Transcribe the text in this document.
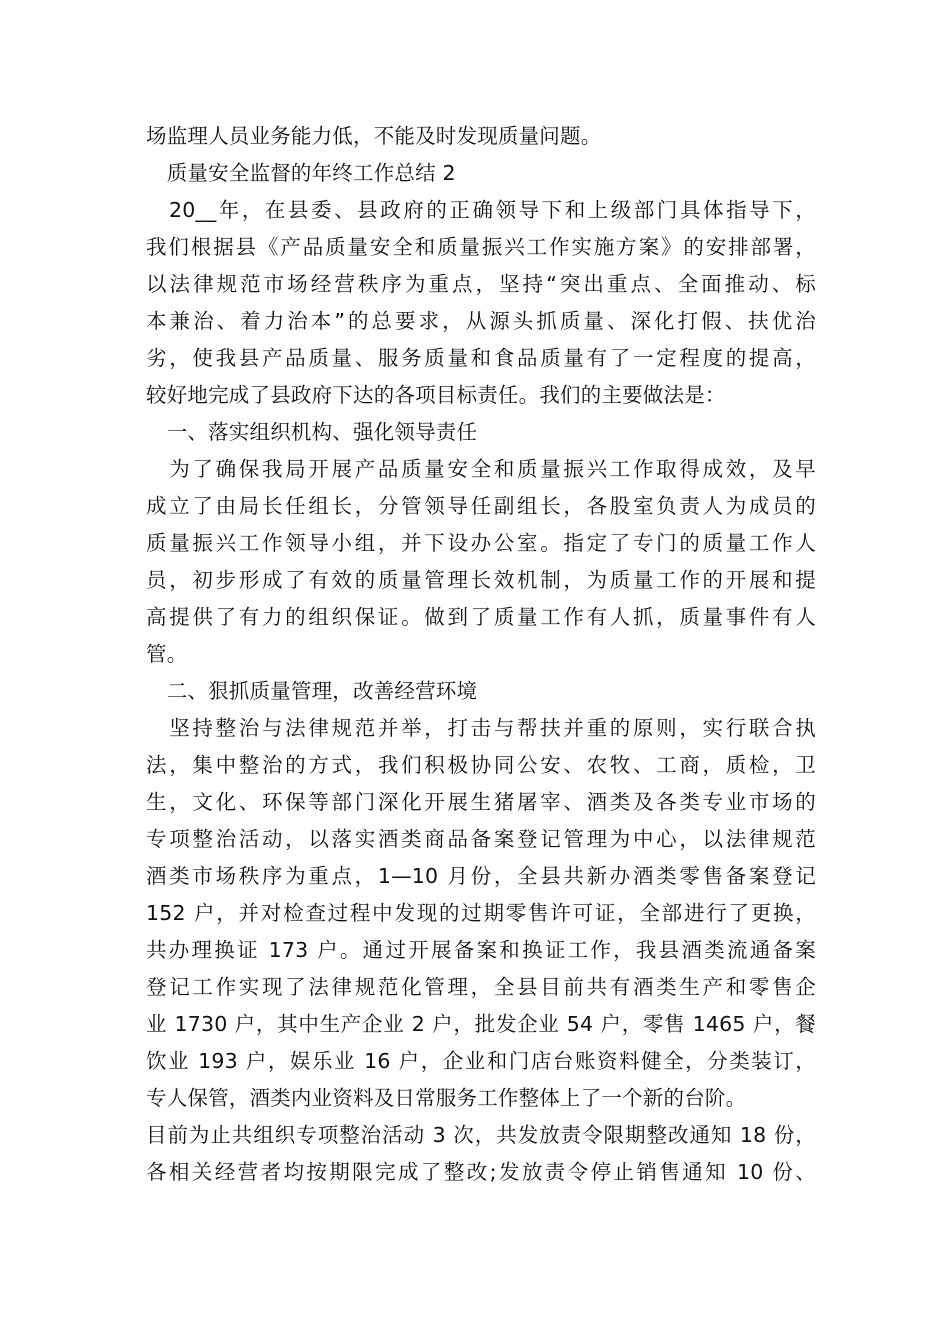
场监理人员业务能力低，不能及时发现质量问题。
　质量安全监督的年终工作总结 2
　20__年，在县委、县政府的正确领导下和上级部门具体指导下，
我们根据县《产品质量安全和质量振兴工作实施方案》的安排部署，
以法律规范市场经营秩序为重点，坚持“突出重点、全面推动、标
本兼治、着力治本”的总要求，从源头抓质量、深化打假、扶优治
劣，使我县产品质量、服务质量和食品质量有了一定程度的提高，
较好地完成了县政府下达的各项目标责任。我们的主要做法是：
　一、落实组织机构、强化领导责任
　为了确保我局开展产品质量安全和质量振兴工作取得成效，及早
成立了由局长任组长，分管领导任副组长，各股室负责人为成员的
质量振兴工作领导小组，并下设办公室。指定了专门的质量工作人
员，初步形成了有效的质量管理长效机制，为质量工作的开展和提
高提供了有力的组织保证。做到了质量工作有人抓，质量事件有人
管。
　二、狠抓质量管理，改善经营环境
　坚持整治与法律规范并举，打击与帮扶并重的原则，实行联合执
法，集中整治的方式，我们积极协同公安、农牧、工商，质检，卫
生，文化、环保等部门深化开展生猪屠宰、酒类及各类专业市场的
专项整治活动，以落实酒类商品备案登记管理为中心，以法律规范
酒类市场秩序为重点，1—10 月份，全县共新办酒类零售备案登记
152 户，并对检查过程中发现的过期零售许可证，全部进行了更换，
共办理换证 173 户。通过开展备案和换证工作，我县酒类流通备案
登记工作实现了法律规范化管理，全县目前共有酒类生产和零售企
业 1730 户，其中生产企业 2 户，批发企业 54 户，零售 1465 户，餐
饮业 193 户，娱乐业 16 户，企业和门店台账资料健全，分类装订，
专人保管，酒类内业资料及日常服务工作整体上了一个新的台阶。
目前为止共组织专项整治活动 3 次，共发放责令限期整改通知 18 份，
各相关经营者均按期限完成了整改;发放责令停止销售通知 10 份、
